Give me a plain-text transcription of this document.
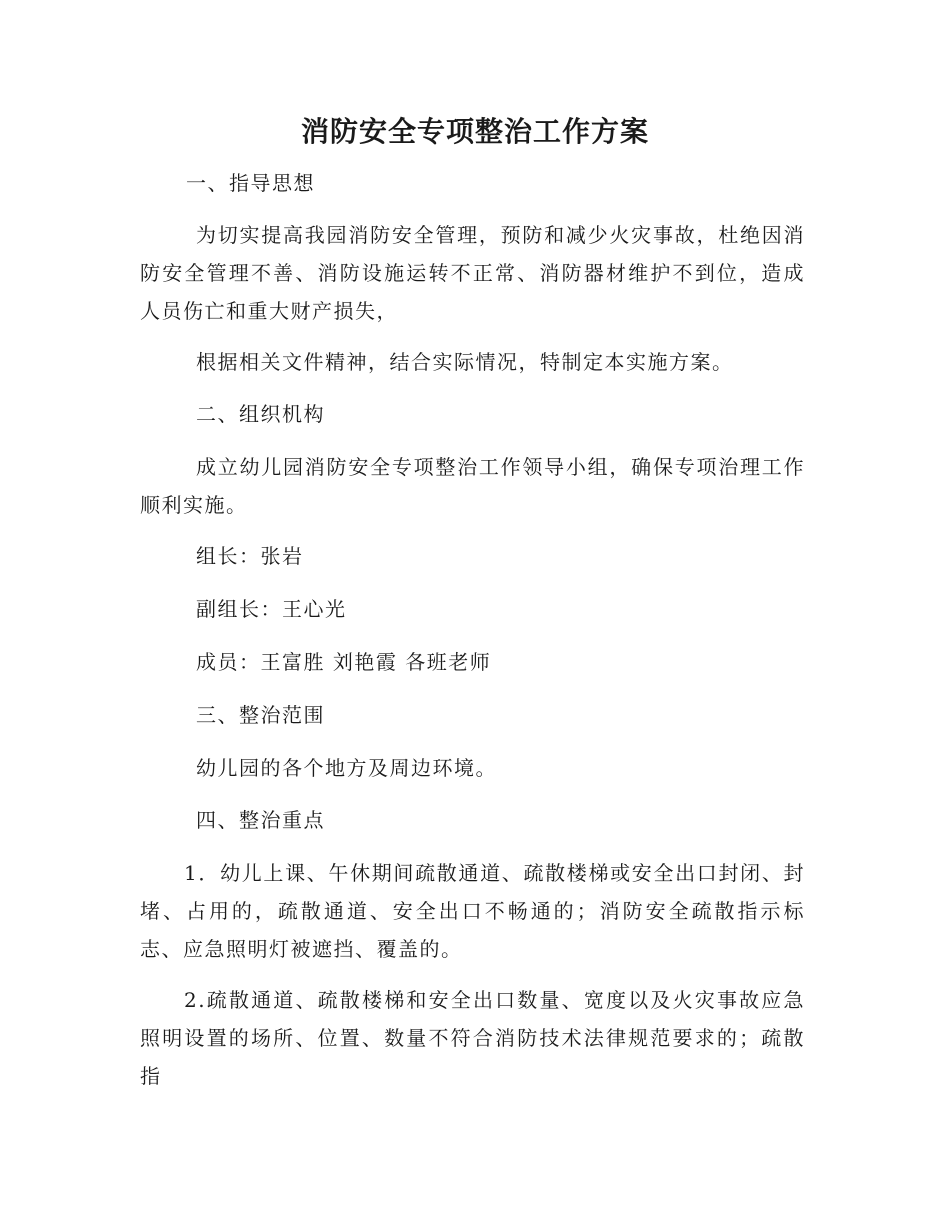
消防安全专项整治工作方案

一、指导思想

为切实提高我园消防安全管理，预防和减少火灾事故，杜绝因消防安全管理不善、消防设施运转不正常、消防器材维护不到位，造成人员伤亡和重大财产损失，

根据相关文件精神，结合实际情况，特制定本实施方案。

二、组织机构

成立幼儿园消防安全专项整治工作领导小组，确保专项治理工作顺利实施。

组长：张岩

副组长：王心光

成员：王富胜 刘艳霞 各班老师

三、整治范围

幼儿园的各个地方及周边环境。

四、整治重点

1．幼儿上课、午休期间疏散通道、疏散楼梯或安全出口封闭、封堵、占用的，疏散通道、安全出口不畅通的；消防安全疏散指示标志、应急照明灯被遮挡、覆盖的。

2.疏散通道、疏散楼梯和安全出口数量、宽度以及火灾事故应急照明设置的场所、位置、数量不符合消防技术法律规范要求的；疏散指
